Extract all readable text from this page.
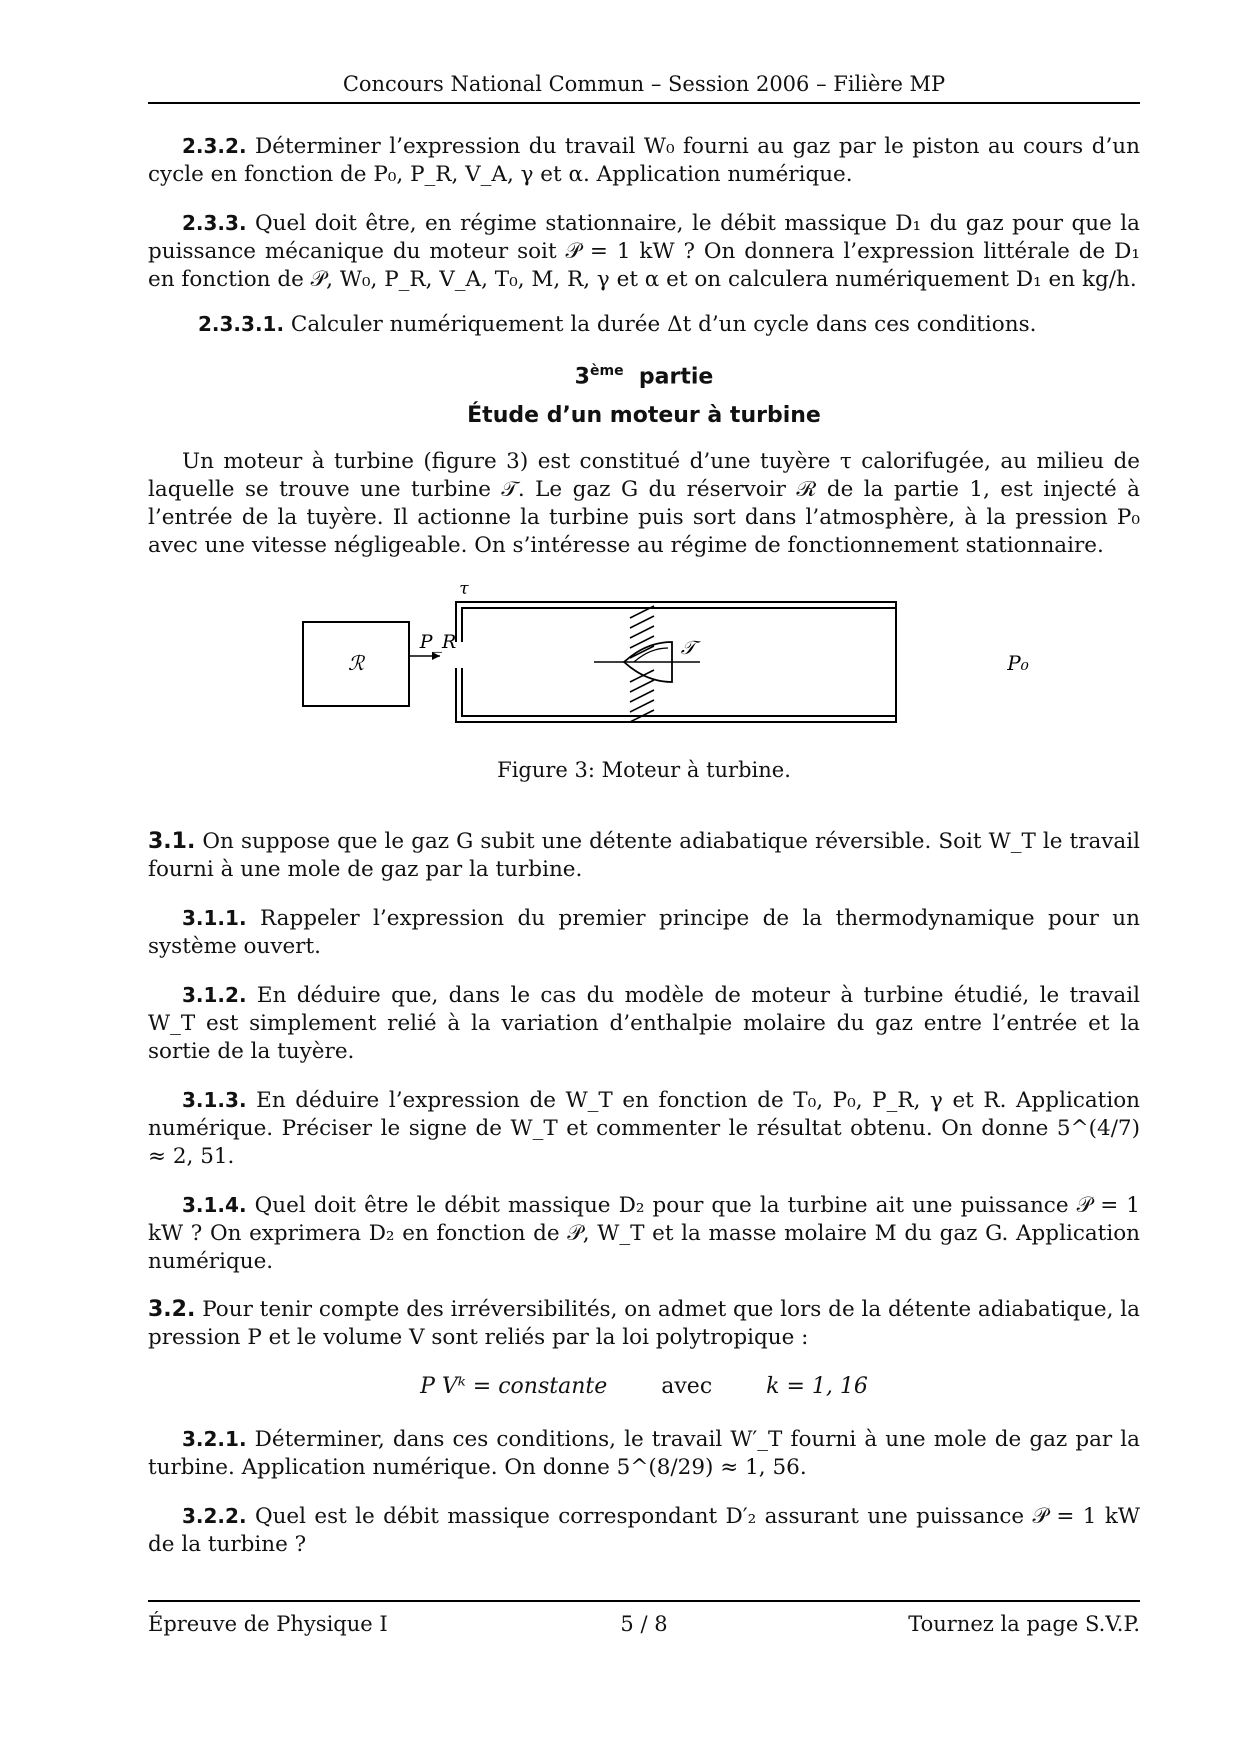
Concours National Commun – Session 2006 – Filière MP

2.3.2. Déterminer l’expression du travail W₀ fourni au gaz par le piston au cours d’un cycle en fonction de P₀, P_R, V_A, γ et α. Application numérique.

2.3.3. Quel doit être, en régime stationnaire, le débit massique D₁ du gaz pour que la puissance mécanique du moteur soit 𝒫 = 1 kW ? On donnera l’expression littérale de D₁ en fonction de 𝒫, W₀, P_R, V_A, T₀, M, R, γ et α et on calculera numériquement D₁ en kg/h.

2.3.3.1. Calculer numériquement la durée Δt d’un cycle dans ces conditions.

3ème partie
Étude d’un moteur à turbine

Un moteur à turbine (figure 3) est constitué d’une tuyère τ calorifugée, au milieu de laquelle se trouve une turbine 𝒯. Le gaz G du réservoir ℛ de la partie 1, est injecté à l’entrée de la tuyère. Il actionne la turbine puis sort dans l’atmosphère, à la pression P₀ avec une vitesse négligeable. On s’intéresse au régime de fonctionnement stationnaire.

ℛ
P_R
τ
𝒯
P₀
Figure 3: Moteur à turbine.

3.1. On suppose que le gaz G subit une détente adiabatique réversible. Soit W_T le travail fourni à une mole de gaz par la turbine.

3.1.1. Rappeler l’expression du premier principe de la thermodynamique pour un système ouvert.

3.1.2. En déduire que, dans le cas du modèle de moteur à turbine étudié, le travail W_T est simplement relié à la variation d’enthalpie molaire du gaz entre l’entrée et la sortie de la tuyère.

3.1.3. En déduire l’expression de W_T en fonction de T₀, P₀, P_R, γ et R. Application numérique. Préciser le signe de W_T et commenter le résultat obtenu. On donne 5^(4/7) ≈ 2, 51.

3.1.4. Quel doit être le débit massique D₂ pour que la turbine ait une puissance 𝒫 = 1 kW ? On exprimera D₂ en fonction de 𝒫, W_T et la masse molaire M du gaz G. Application numérique.

3.2. Pour tenir compte des irréversibilités, on admet que lors de la détente adiabatique, la pression P et le volume V sont reliés par la loi polytropique :

P Vᵏ = constante avec k = 1, 16

3.2.1. Déterminer, dans ces conditions, le travail W′_T fourni à une mole de gaz par la turbine. Application numérique. On donne 5^(8/29) ≈ 1, 56.

3.2.2. Quel est le débit massique correspondant D′₂ assurant une puissance 𝒫 = 1 kW de la turbine ?

Épreuve de Physique I	5 / 8	Tournez la page S.V.P.
